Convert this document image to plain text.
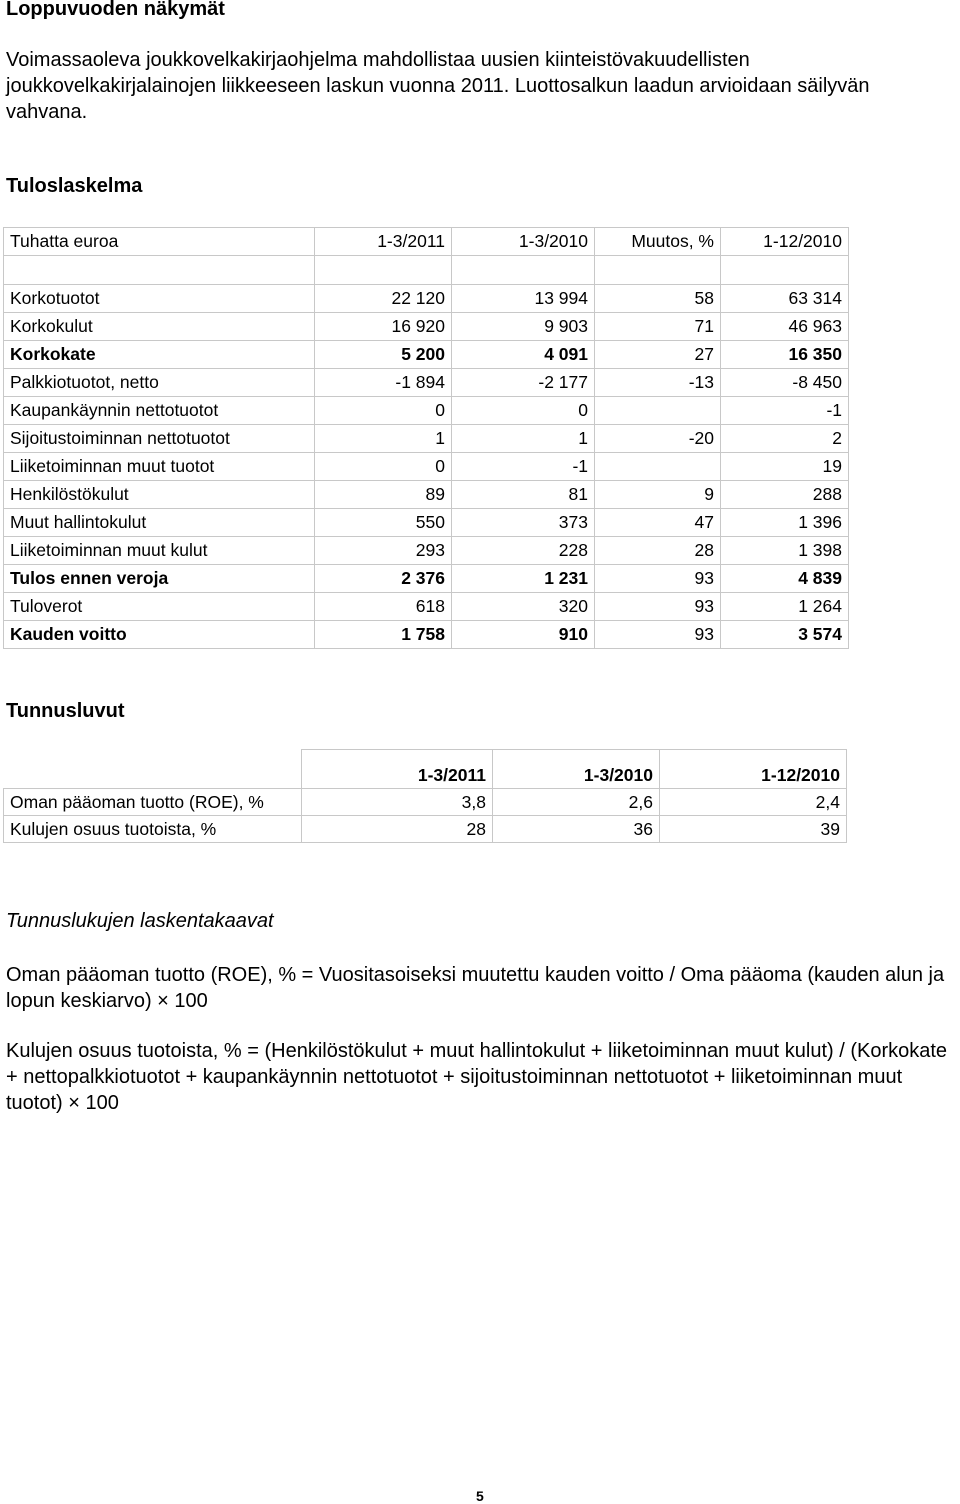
Loppuvuoden näkymät

Voimassaoleva joukkovelkakirjaohjelma mahdollistaa uusien kiinteistövakuudellisten joukkovelkakirjalainojen liikkeeseen laskun vuonna 2011. Luottosalkun laadun arvioidaan säilyvän vahvana.

Tuloslaskelma
Tuhatta euroa	1-3/2011	1-3/2010	Muutos, %	1-12/2010

Korkotuotot	22 120	13 994	58	63 314
Korkokulut	16 920	9 903	71	46 963
Korkokate	5 200	4 091	27	16 350
Palkkiotuotot, netto	-1 894	-2 177	-13	-8 450
Kaupankäynnin nettotuotot	0	0		-1
Sijoitustoiminnan nettotuotot	1	1	-20	2
Liiketoiminnan muut tuotot	0	-1		19
Henkilöstökulut	89	81	9	288
Muut hallintokulut	550	373	47	1 396
Liiketoiminnan muut kulut	293	228	28	1 398
Tulos ennen veroja	2 376	1 231	93	4 839
Tuloverot	618	320	93	1 264
Kauden voitto	1 758	910	93	3 574
Tunnusluvut
	1-3/2011	1-3/2010	1-12/2010
Oman pääoman tuotto (ROE), %	3,8	2,6	2,4
Kulujen osuus tuotoista, %	28	36	39

Tunnuslukujen laskentakaavat

Oman pääoman tuotto (ROE), % = Vuositasoiseksi muutettu kauden voitto / Oma pääoma (kauden alun ja lopun keskiarvo) × 100

Kulujen osuus tuotoista, % = (Henkilöstökulut + muut hallintokulut + liiketoiminnan muut kulut) / (Korkokate + nettopalkkiotuotot + kaupankäynnin nettotuotot + sijoitustoiminnan nettotuotot + liiketoiminnan muut tuotot) × 100

5
